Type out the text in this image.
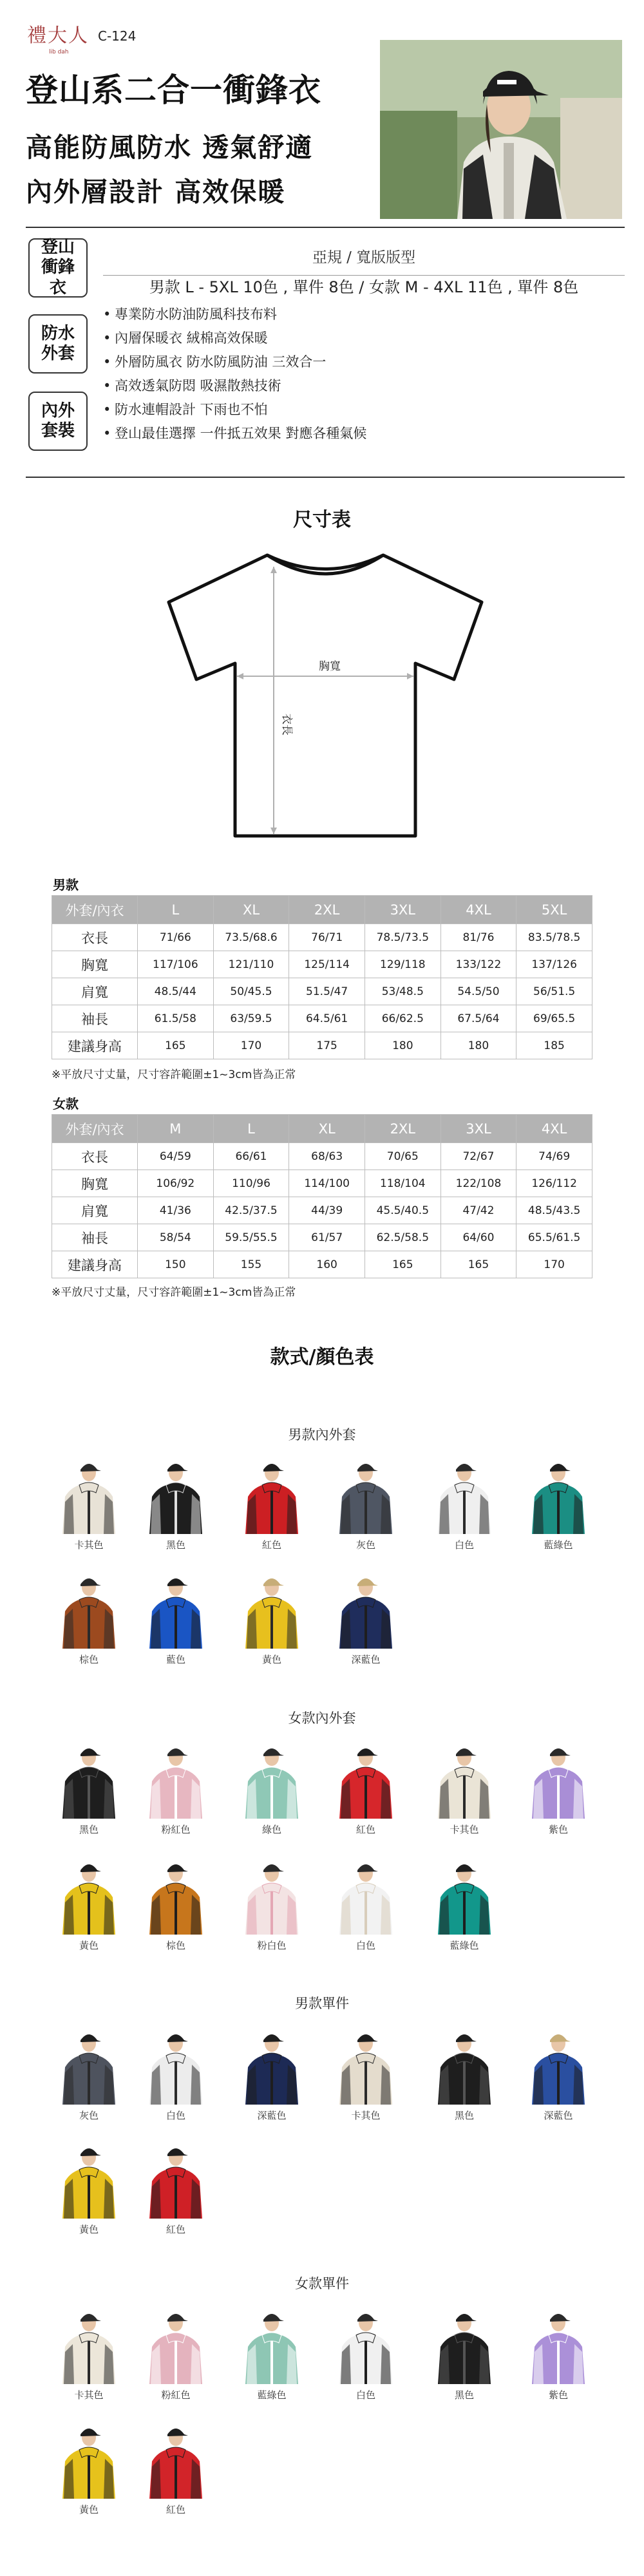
禮大人
lib dah
C-124
登山系二合一衝鋒衣
高能防風防水 透氣舒適
內外層設計 高效保暖
登山衝鋒衣
防水外套
內外套裝
亞規 / 寬版版型
男款 L - 5XL 10色 , 單件 8色 / 女款 M - 4XL 11色 , 單件 8色
• 專業防水防油防風科技布料
• 內層保暖衣 絨棉高效保暖
• 外層防風衣 防水防風防油 三效合一
• 高效透氣防悶 吸濕散熱技術
• 防水連帽設計 下雨也不怕
• 登山最佳選擇 一件抵五效果 對應各種氣候
尺寸表
胸寬
衣長
男款
外套/內衣	L	XL	2XL	3XL	4XL	5XL
衣長	71/66	73.5/68.6	76/71	78.5/73.5	81/76	83.5/78.5
胸寬	117/106	121/110	125/114	129/118	133/122	137/126
肩寬	48.5/44	50/45.5	51.5/47	53/48.5	54.5/50	56/51.5
袖長	61.5/58	63/59.5	64.5/61	66/62.5	67.5/64	69/65.5
建議身高	165	170	175	180	180	185
※平放尺寸丈量，尺寸容許範圍±1~3cm皆為正常
女款
外套/內衣	M	L	XL	2XL	3XL	4XL
衣長	64/59	66/61	68/63	70/65	72/67	74/69
胸寬	106/92	110/96	114/100	118/104	122/108	126/112
肩寬	41/36	42.5/37.5	44/39	45.5/40.5	47/42	48.5/43.5
袖長	58/54	59.5/55.5	61/57	62.5/58.5	64/60	65.5/61.5
建議身高	150	155	160	165	165	170
※平放尺寸丈量，尺寸容許範圍±1~3cm皆為正常
款式/顏色表
男款內外套
卡其色	黑色	紅色	灰色	白色	藍綠色
棕色	藍色	黃色	深藍色
女款內外套
黑色	粉紅色	綠色	紅色	卡其色	紫色
黃色	棕色	粉白色	白色	藍綠色
男款單件
灰色	白色	深藍色	卡其色	黑色	深藍色
黃色	紅色
女款單件
卡其色	粉紅色	藍綠色	白色	黑色	紫色
黃色	紅色
